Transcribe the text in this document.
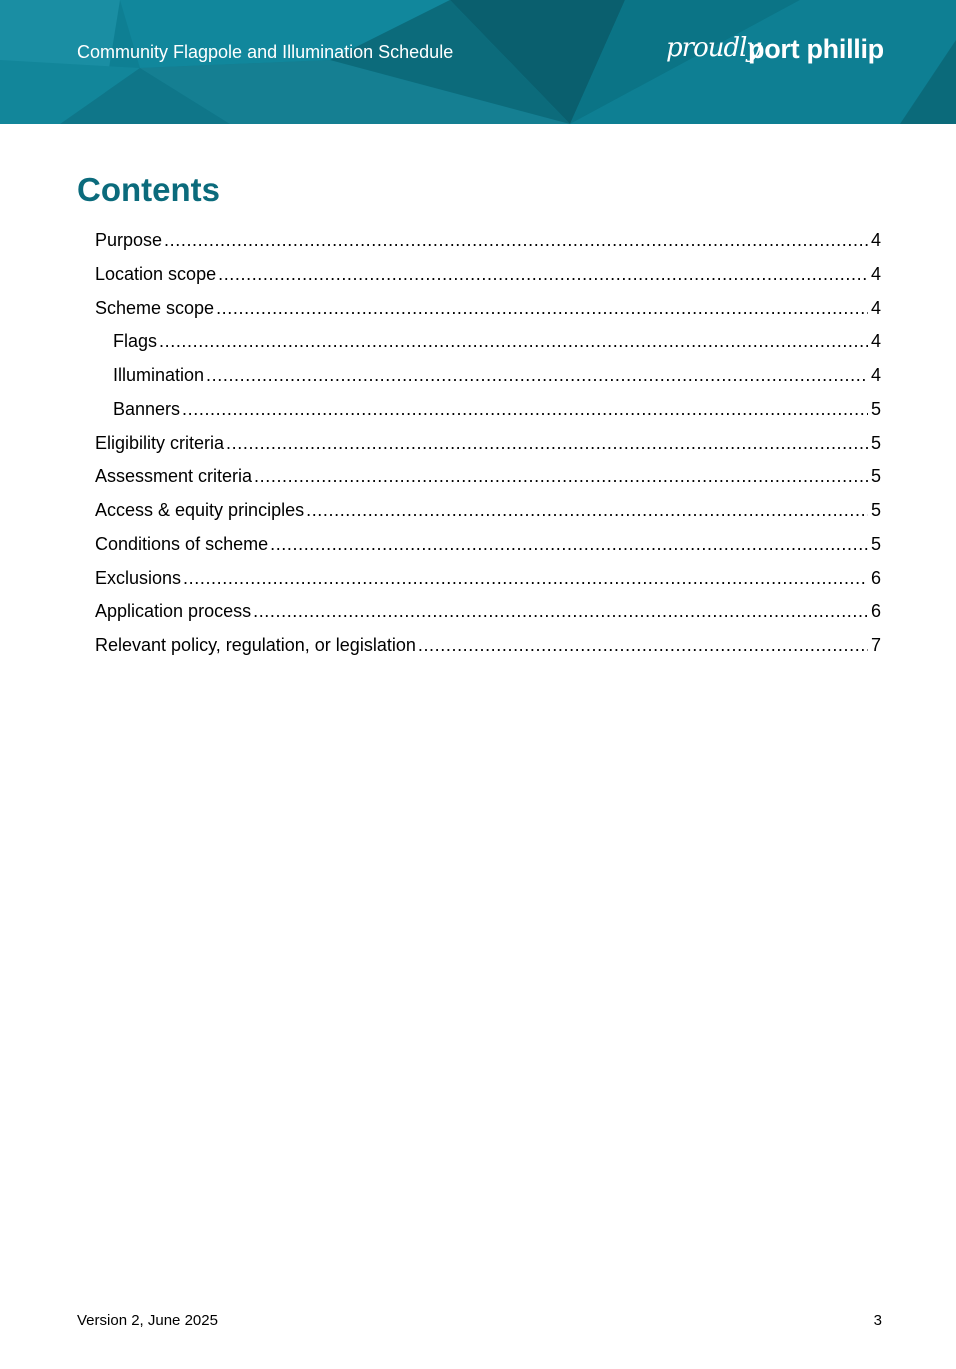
Community Flagpole and Illumination Schedule	proudly
port phillip
Contents
Purpose .....	4
Location scope .....	4
Scheme scope .....	4
Flags .....	4
Illumination .....	4
Banners .....	5
Eligibility criteria .....	5
Assessment criteria .....	5
Access & equity principles .....	5
Conditions of scheme .....	5
Exclusions .....	6
Application process .....	6
Relevant policy, regulation, or legislation .....	7
Version 2, June 2025	3
